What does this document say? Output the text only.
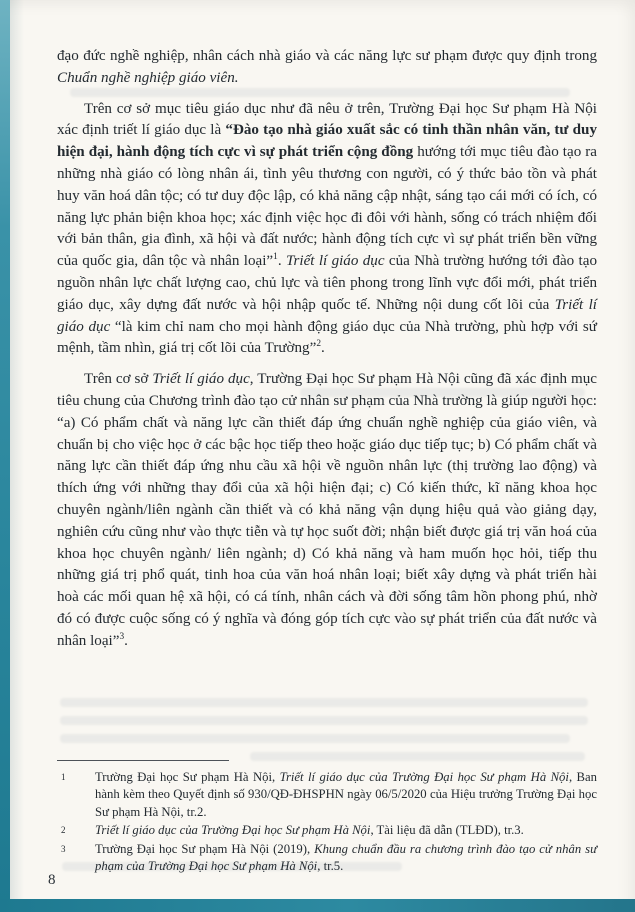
đạo đức nghề nghiệp, nhân cách nhà giáo và các năng lực sư phạm được quy định trong Chuẩn nghề nghiệp giáo viên.

Trên cơ sở mục tiêu giáo dục như đã nêu ở trên, Trường Đại học Sư phạm Hà Nội xác định triết lí giáo dục là “Đào tạo nhà giáo xuất sắc có tinh thần nhân văn, tư duy hiện đại, hành động tích cực vì sự phát triển cộng đồng hướng tới mục tiêu đào tạo ra những nhà giáo có lòng nhân ái, tình yêu thương con người, có ý thức bảo tồn và phát huy văn hoá dân tộc; có tư duy độc lập, có khả năng cập nhật, sáng tạo cái mới có ích, có năng lực phản biện khoa học; xác định việc học đi đôi với hành, sống có trách nhiệm đối với bản thân, gia đình, xã hội và đất nước; hành động tích cực vì sự phát triển bền vững của quốc gia, dân tộc và nhân loại”$^1$. Triết lí giáo dục của Nhà trường hướng tới đào tạo nguồn nhân lực chất lượng cao, chủ lực và tiên phong trong lĩnh vực đổi mới, phát triển giáo dục, xây dựng đất nước và hội nhập quốc tế. Những nội dung cốt lõi của Triết lí giáo dục “là kim chỉ nam cho mọi hành động giáo dục của Nhà trường, phù hợp với sứ mệnh, tầm nhìn, giá trị cốt lõi của Trường”$^2$.

Trên cơ sở Triết lí giáo dục, Trường Đại học Sư phạm Hà Nội cũng đã xác định mục tiêu chung của Chương trình đào tạo cử nhân sư phạm của Nhà trường là giúp người học: “a) Có phẩm chất và năng lực cần thiết đáp ứng chuẩn nghề nghiệp của giáo viên, và chuẩn bị cho việc học ở các bậc học tiếp theo hoặc giáo dục tiếp tục; b) Có phẩm chất và năng lực cần thiết đáp ứng nhu cầu xã hội về nguồn nhân lực (thị trường lao động) và thích ứng với những thay đổi của xã hội hiện đại; c) Có kiến thức, kĩ năng khoa học chuyên ngành/liên ngành cần thiết và có khả năng vận dụng hiệu quả vào giảng dạy, nghiên cứu cũng như vào thực tiễn và tự học suốt đời; nhận biết được giá trị văn hoá của khoa học chuyên ngành/ liên ngành; d) Có khả năng và ham muốn học hỏi, tiếp thu những giá trị phổ quát, tinh hoa của văn hoá nhân loại; biết xây dựng và phát triển hài hoà các mối quan hệ xã hội, có cá tính, nhân cách và đời sống tâm hồn phong phú, nhờ đó có được cuộc sống có ý nghĩa và đóng góp tích cực vào sự phát triển của đất nước và nhân loại”$^3$.

1 Trường Đại học Sư phạm Hà Nội, Triết lí giáo dục của Trường Đại học Sư phạm Hà Nội, Ban hành kèm theo Quyết định số 930/QĐ-ĐHSPHN ngày 06/5/2020 của Hiệu trưởng Trường Đại học Sư phạm Hà Nội, tr.2.
2 Triết lí giáo dục của Trường Đại học Sư phạm Hà Nội, Tài liệu đã dẫn (TLĐD), tr.3.
3 Trường Đại học Sư phạm Hà Nội (2019), Khung chuẩn đầu ra chương trình đào tạo cử nhân sư phạm của Trường Đại học Sư phạm Hà Nội, tr.5.
8
